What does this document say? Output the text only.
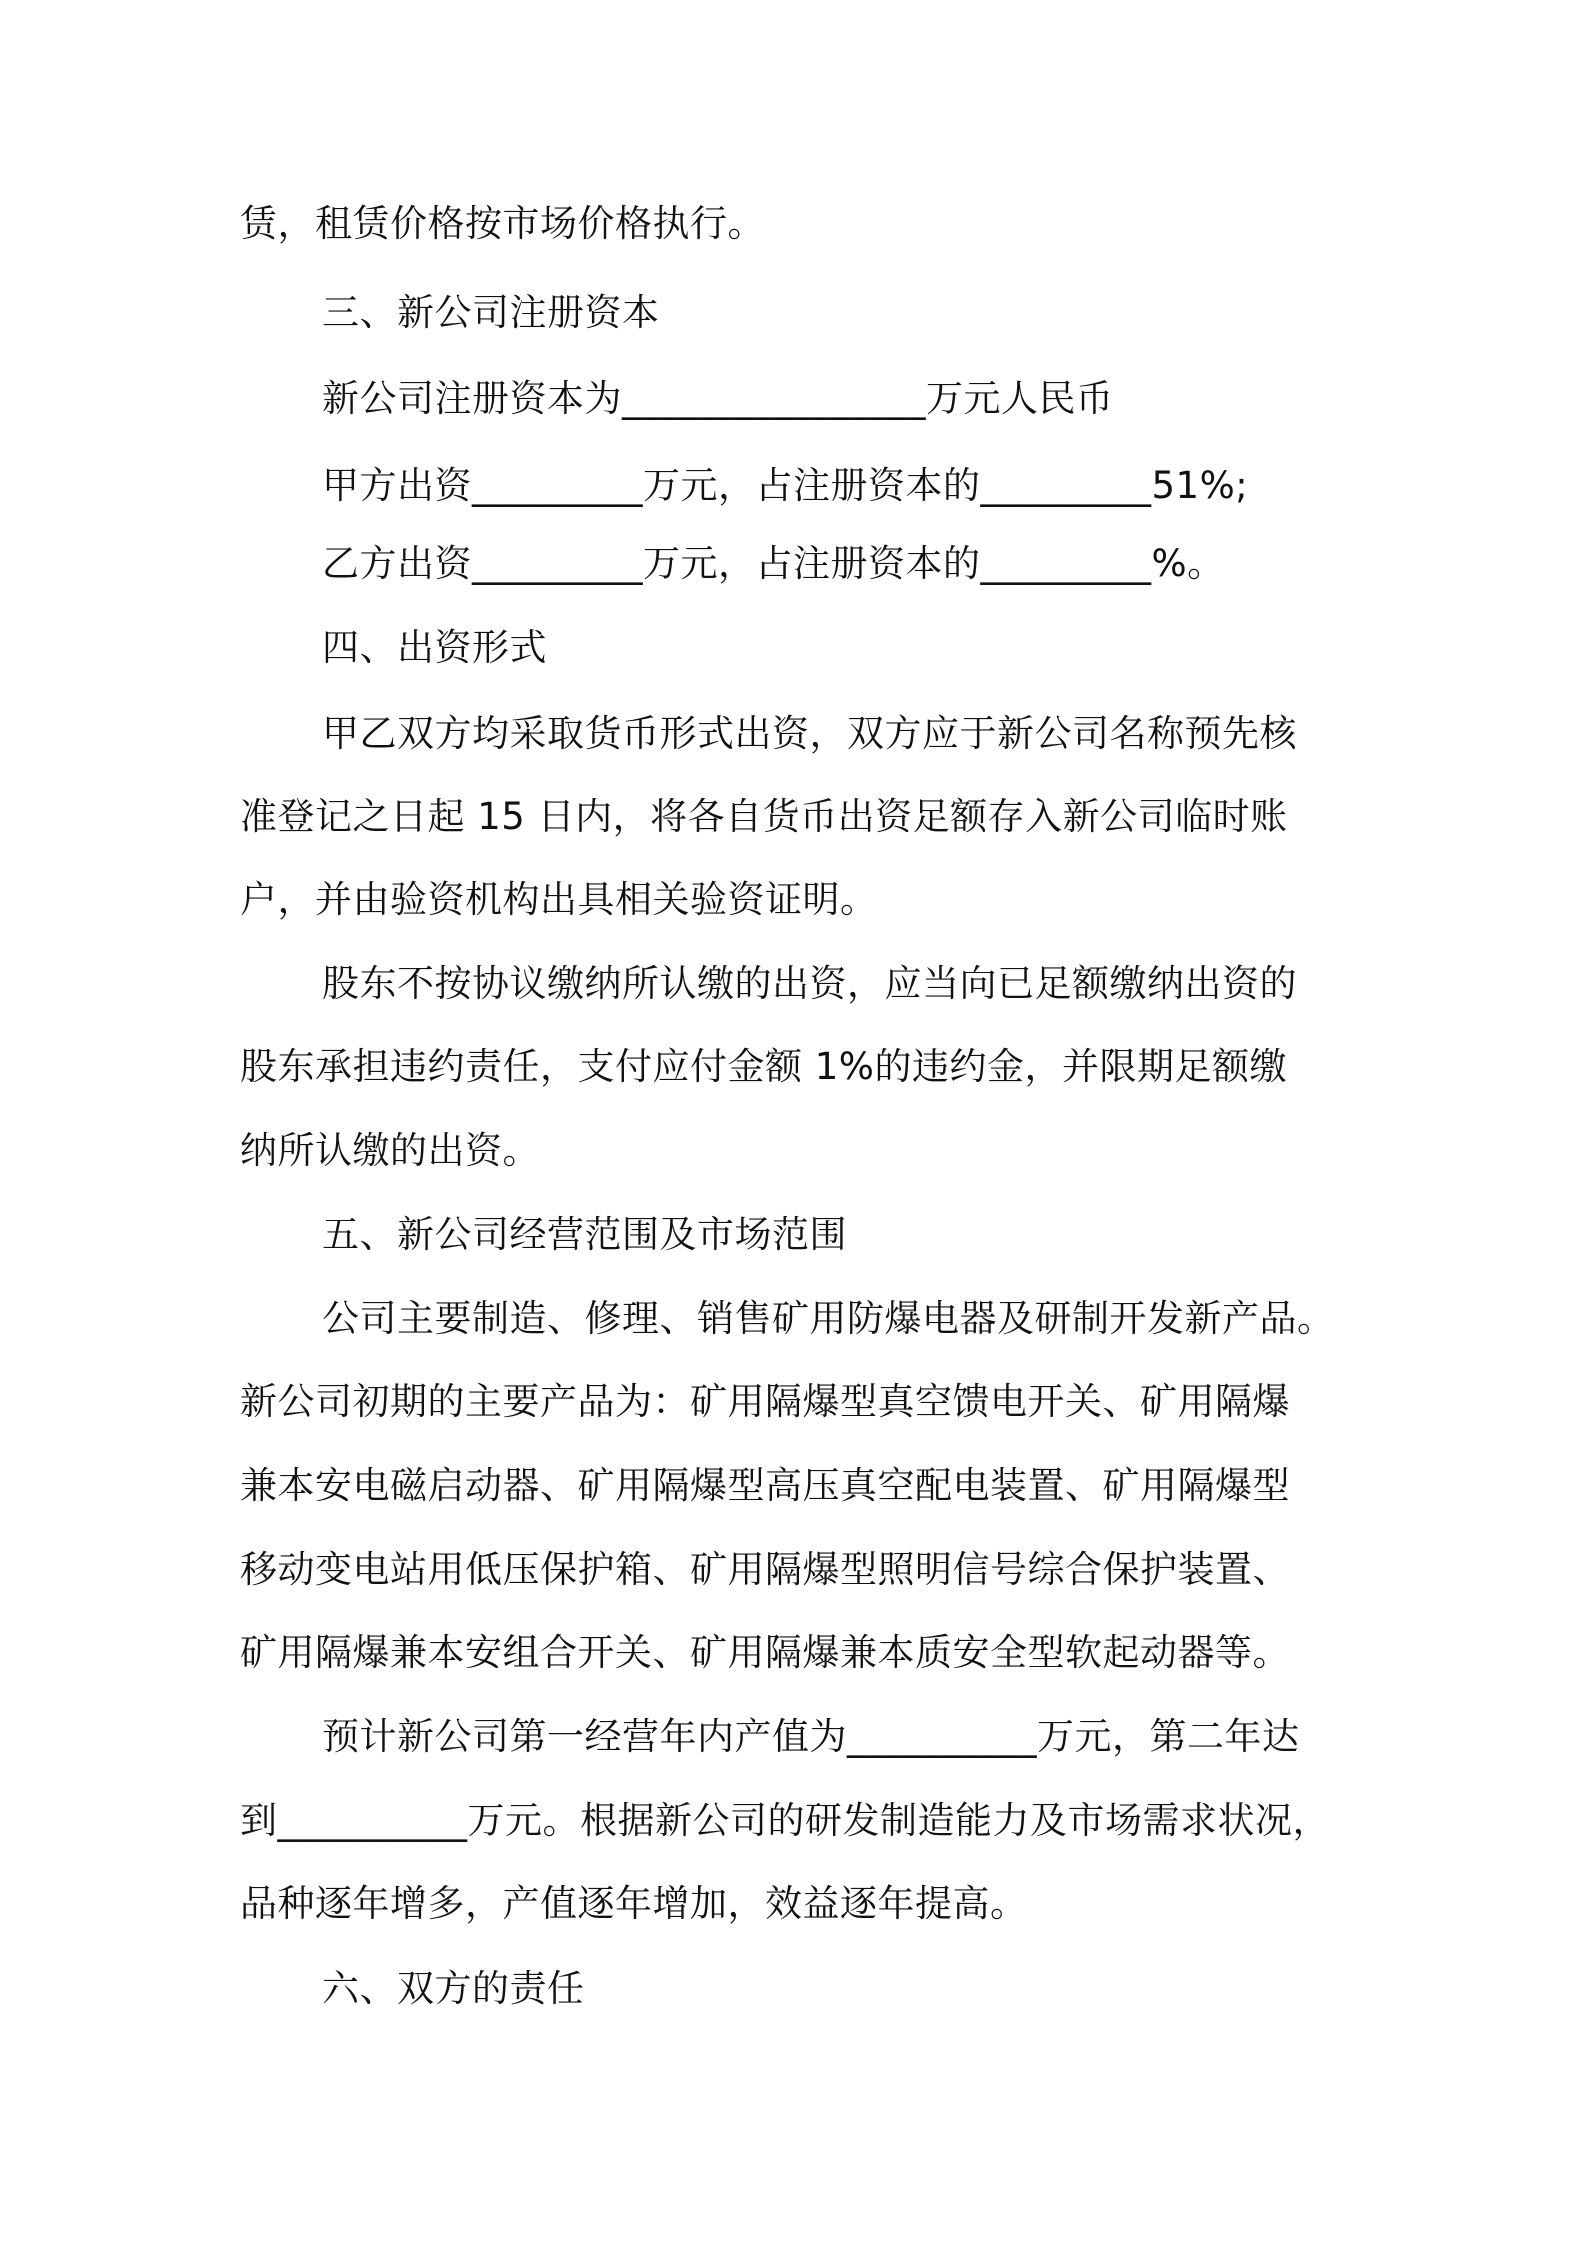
赁，租赁价格按市场价格执行。
三、新公司注册资本
新公司注册资本为________________万元人民币
甲方出资_________万元，占注册资本的_________51%;
乙方出资_________万元，占注册资本的_________%。
四、出资形式
甲乙双方均采取货币形式出资，双方应于新公司名称预先核
准登记之日起 15 日内，将各自货币出资足额存入新公司临时账
户，并由验资机构出具相关验资证明。
股东不按协议缴纳所认缴的出资，应当向已足额缴纳出资的
股东承担违约责任，支付应付金额 1%的违约金，并限期足额缴
纳所认缴的出资。
五、新公司经营范围及市场范围
公司主要制造、修理、销售矿用防爆电器及研制开发新产品。
新公司初期的主要产品为：矿用隔爆型真空馈电开关、矿用隔爆
兼本安电磁启动器、矿用隔爆型高压真空配电装置、矿用隔爆型
移动变电站用低压保护箱、矿用隔爆型照明信号综合保护装置、
矿用隔爆兼本安组合开关、矿用隔爆兼本质安全型软起动器等。
预计新公司第一经营年内产值为__________万元，第二年达
到__________万元。根据新公司的研发制造能力及市场需求状况，
品种逐年增多，产值逐年增加，效益逐年提高。
六、双方的责任
